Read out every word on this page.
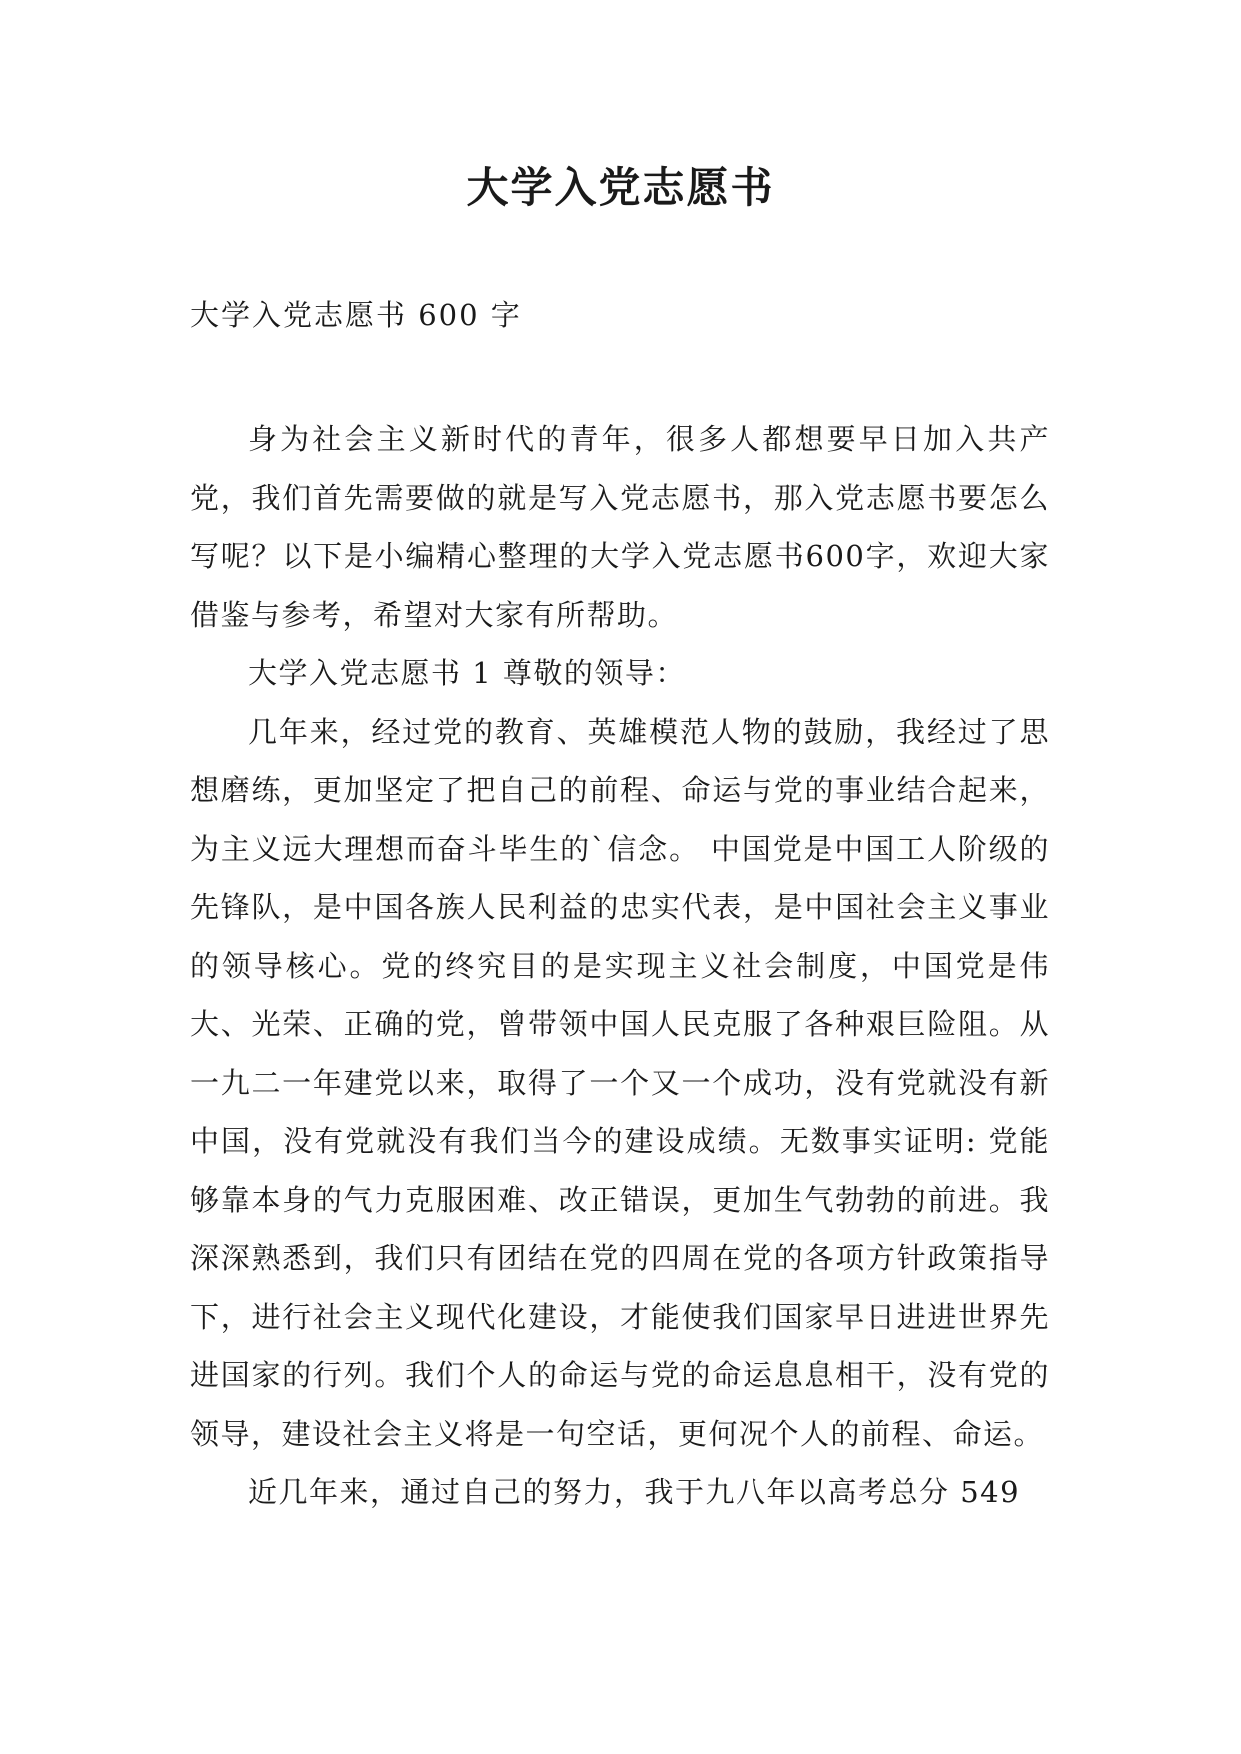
大学入党志愿书
大学入党志愿书 600 字

身为社会主义新时代的青年，很多人都想要早日加入共产党，我们首先需要做的就是写入党志愿书，那入党志愿书要怎么写呢？以下是小编精心整理的大学入党志愿书600字，欢迎大家借鉴与参考，希望对大家有所帮助。

大学入党志愿书 1 尊敬的领导：

几年来，经过党的教育、英雄模范人物的鼓励，我经过了思想磨练，更加坚定了把自己的前程、命运与党的事业结合起来，为主义远大理想而奋斗毕生的`信念。 中国党是中国工人阶级的先锋队，是中国各族人民利益的忠实代表，是中国社会主义事业的领导核心。党的终究目的是实现主义社会制度，中国党是伟大、光荣、正确的党，曾带领中国人民克服了各种艰巨险阻。从一九二一年建党以来，取得了一个又一个成功，没有党就没有新中国，没有党就没有我们当今的建设成绩。无数事实证明: 党能够靠本身的气力克服困难、改正错误，更加生气勃勃的前进。我深深熟悉到，我们只有团结在党的四周在党的各项方针政策指导下，进行社会主义现代化建设，才能使我们国家早日进进世界先进国家的行列。我们个人的命运与党的命运息息相干，没有党的领导，建设社会主义将是一句空话，更何况个人的前程、命运。

近几年来，通过自己的努力，我于九八年以高考总分 549
